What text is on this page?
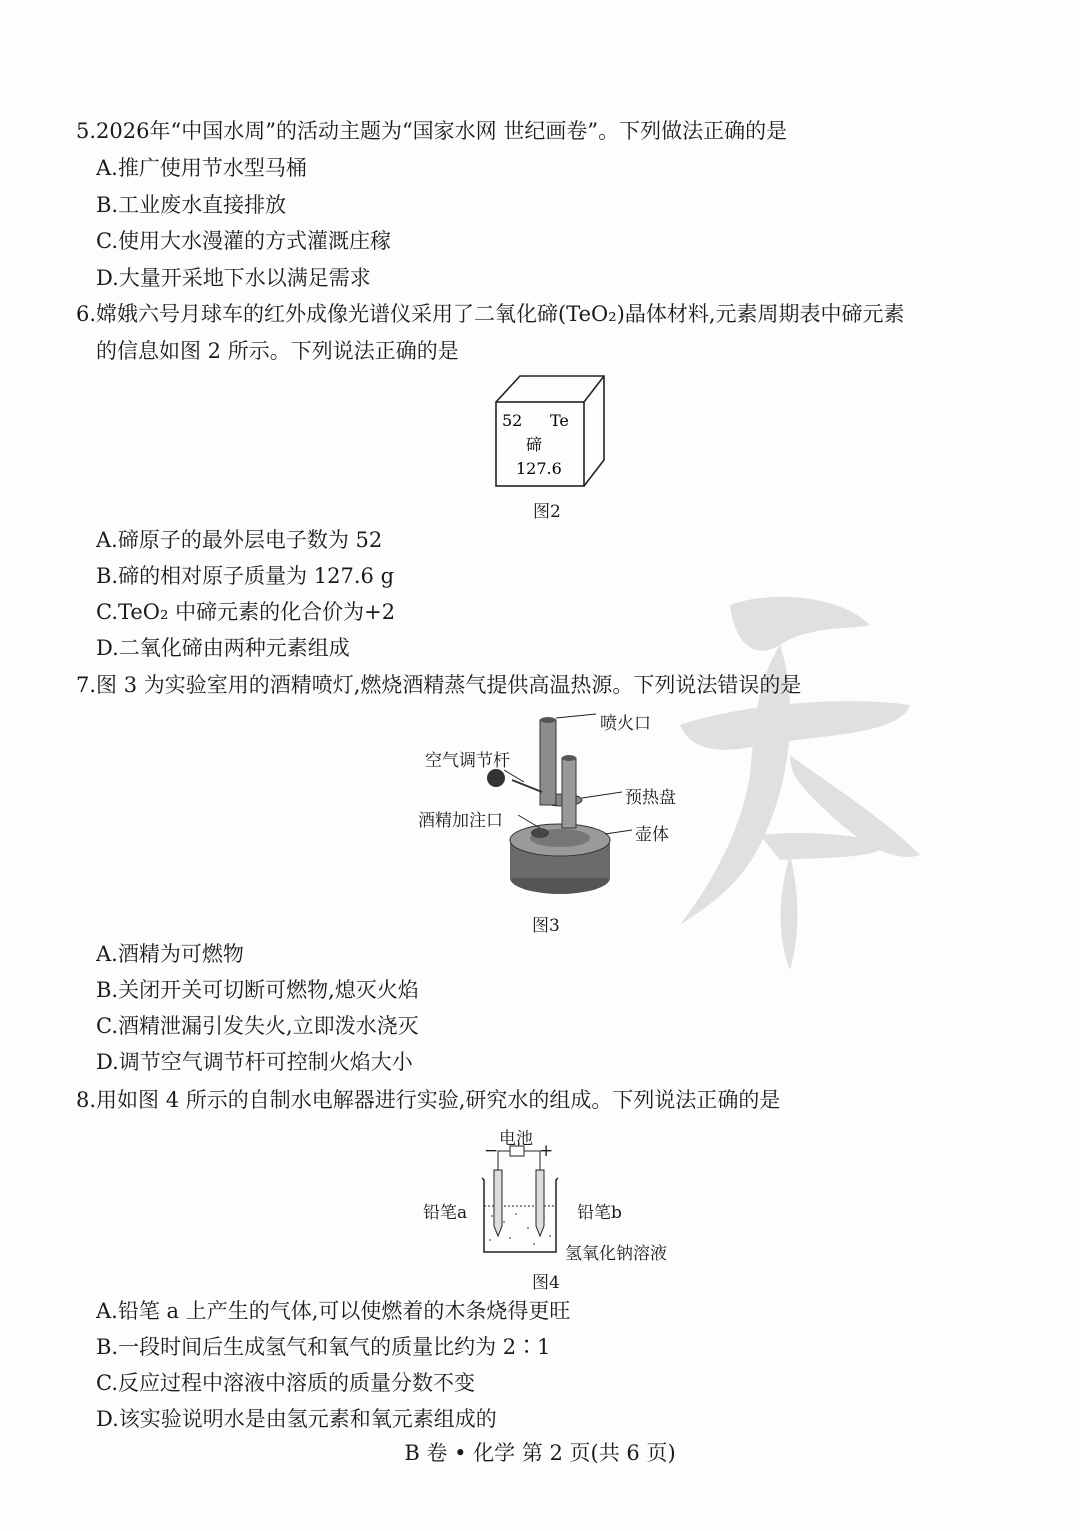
5.2026年“中国水周”的活动主题为“国家水网 世纪画卷”。下列做法正确的是
A.推广使用节水型马桶
B.工业废水直接排放
C.使用大水漫灌的方式灌溉庄稼
D.大量开采地下水以满足需求
6.嫦娥六号月球车的红外成像光谱仪采用了二氧化碲(TeO₂)晶体材料,元素周期表中碲元素
的信息如图 2 所示。下列说法正确的是
52 Te
碲
127.6
图2
A.碲原子的最外层电子数为 52
B.碲的相对原子质量为 127.6 g
C.TeO₂ 中碲元素的化合价为+2
D.二氧化碲由两种元素组成
7.图 3 为实验室用的酒精喷灯,燃烧酒精蒸气提供高温热源。下列说法错误的是
喷火口
空气调节杆
预热盘
酒精加注口
壶体
图3
A.酒精为可燃物
B.关闭开关可切断可燃物,熄灭火焰
C.酒精泄漏引发失火,立即泼水浇灭
D.调节空气调节杆可控制火焰大小
8.用如图 4 所示的自制水电解器进行实验,研究水的组成。下列说法正确的是
电池
− +
铅笔a	铅笔b
氢氧化钠溶液
图4
A.铅笔 a 上产生的气体,可以使燃着的木条烧得更旺
B.一段时间后生成氢气和氧气的质量比约为 2∶1
C.反应过程中溶液中溶质的质量分数不变
D.该实验说明水是由氢元素和氧元素组成的
B 卷 • 化学 第 2 页(共 6 页)
